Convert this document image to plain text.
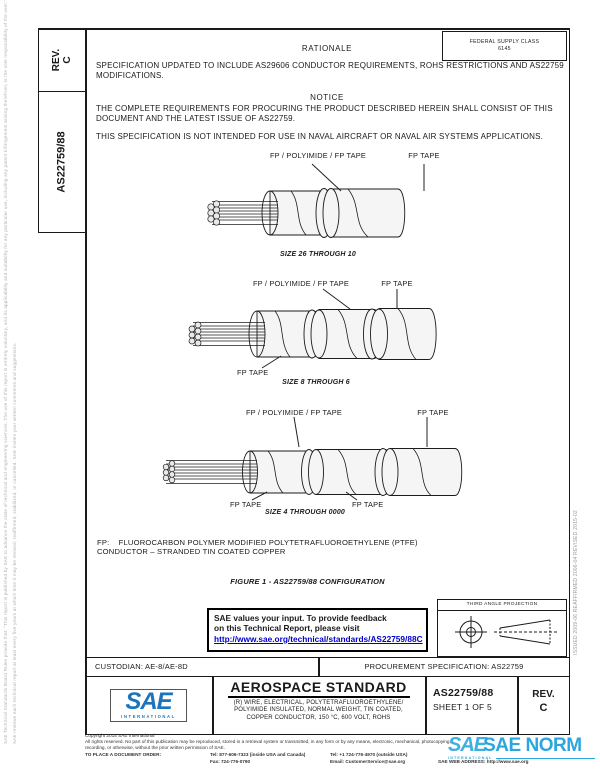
SAE Technical Standards Board Rules provide that: "This report is published by SAE to advance the state of technical and engineering sciences. The use of this report is entirely voluntary, and its applicability and suitability for any particular use, including any patent infringement arising therefrom, is the sole responsibility of the user." SAE reviews each technical report at least every five years at which time it may be revised, reaffirmed, stabilized, or cancelled. SAE invites your written comments and suggestions.	ISSUED 2009-06 REAFFIRMED 2006-04 REVISED 2015-02
REV. C
AS22759/88
FEDERAL SUPPLY CLASS
6145
RATIONALE
SPECIFICATION UPDATED TO INCLUDE AS29606 CONDUCTOR REQUIREMENTS, ROHS RESTRICTIONS AND AS22759 MODIFICATIONS.
NOTICE
THE COMPLETE REQUIREMENTS FOR PROCURING THE PRODUCT DESCRIBED HEREIN SHALL CONSIST OF THIS DOCUMENT AND THE LATEST ISSUE OF AS22759.
THIS SPECIFICATION IS NOT INTENDED FOR USE IN NAVAL AIRCRAFT OR NAVAL AIR SYSTEMS APPLICATIONS.
FP / POLYIMIDE / FP TAPE	FP TAPE
SIZE 26 THROUGH 10
FP / POLYIMIDE / FP TAPE	FP TAPE
FP TAPE
SIZE 8 THROUGH 6
FP / POLYIMIDE / FP TAPE	FP TAPE
FP TAPE	FP TAPE
SIZE 4 THROUGH 0000
FP: FLUOROCARBON POLYMER MODIFIED POLYTETRAFLUOROETHYLENE (PTFE)
CONDUCTOR – STRANDED TIN COATED COPPER
FIGURE 1 - AS22759/88 CONFIGURATION
SAE values your input. To provide feedback
on this Technical Report, please visit
http://www.sae.org/technical/standards/AS22759/88C
THIRD ANGLE PROJECTION
CUSTODIAN: AE-8/AE-8D	PROCUREMENT SPECIFICATION: AS22759
SAE
INTERNATIONAL
AEROSPACE STANDARD
(R) WIRE, ELECTRICAL, POLYTETRAFLUOROETHYLENE/
POLYIMIDE INSULATED, NORMAL WEIGHT, TIN COATED,
COPPER CONDUCTOR, 150 °C, 600 VOLT, ROHS
AS22759/88
SHEET 1 OF 5
REV.
C
Copyright 2015 SAE International
All rights reserved. No part of this publication may be reproduced, stored in a retrieval system or transmitted, in any form or by any means, electronic, mechanical, photocopying,
recording, or otherwise, without the prior written permission of SAE.
TO PLACE A DOCUMENT ORDER:	Tel: 877-606-7323 (inside USA and Canada)	Tel: +1 724-776-4970 (outside USA)
Fax: 724-776-0790	Email: CustomerService@sae.org	SAE WEB ADDRESS: http://www.sae.org
SAE
SAE NORM
INTERNATIONAL
